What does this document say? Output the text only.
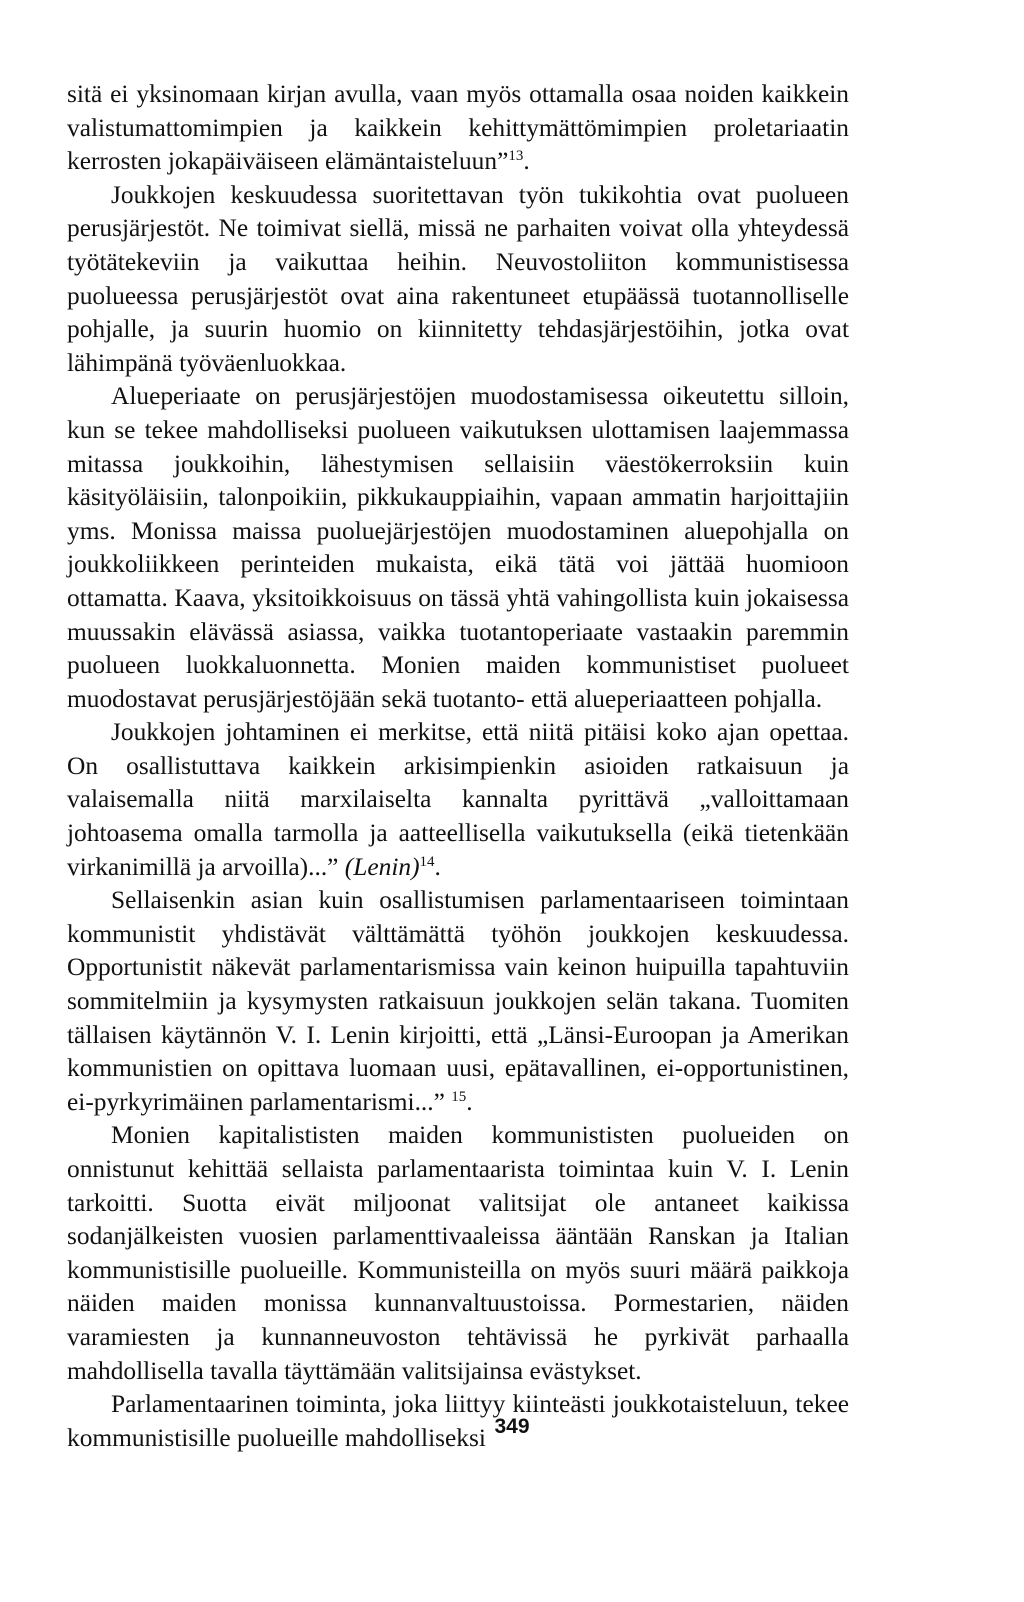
sitä ei yksinomaan kirjan avulla, vaan myös ottamalla osaa noiden kaikkein valistumattomimpien ja kaikkein kehittymättömimpien proletariaatin kerrosten jokapäiväiseen elämäntaisteluun”$^{13}$.

Joukkojen keskuudessa suoritettavan työn tukikohtia ovat puolueen perusjärjestöt. Ne toimivat siellä, missä ne parhaiten voivat olla yhteydessä työtätekeviin ja vaikuttaa heihin. Neuvostoliiton kommunistisessa puolueessa perusjärjestöt ovat aina rakentuneet etupäässä tuotannolliselle pohjalle, ja suurin huomio on kiinnitetty tehdasjärjestöihin, jotka ovat lähimpänä työväenluokkaa.

Alueperiaate on perusjärjestöjen muodostamisessa oikeutettu silloin, kun se tekee mahdolliseksi puolueen vaikutuksen ulottamisen laajemmassa mitassa joukkoihin, lähestymisen sellaisiin väestökerroksiin kuin käsityöläisiin, talonpoikiin, pikkukauppiaihin, vapaan ammatin harjoittajiin yms. Monissa maissa puoluejärjestöjen muodostaminen aluepohjalla on joukkoliikkeen perinteiden mukaista, eikä tätä voi jättää huomioon ottamatta. Kaava, yksitoikkoisuus on tässä yhtä vahingollista kuin jokaisessa muussakin elävässä asiassa, vaikka tuotantoperiaate vastaakin paremmin puolueen luokkaluonnetta. Monien maiden kommunistiset puolueet muodostavat perusjärjestöjään sekä tuotanto- että alueperiaatteen pohjalla.

Joukkojen johtaminen ei merkitse, että niitä pitäisi koko ajan opettaa. On osallistuttava kaikkein arkisimpienkin asioiden ratkaisuun ja valaisemalla niitä marxilaiselta kannalta pyrittävä „valloittamaan johtoasema omalla tarmolla ja aatteellisella vaikutuksella (eikä tietenkään virkanimillä ja arvoilla)...” (Lenin)$^{14}$.

Sellaisenkin asian kuin osallistumisen parlamentaariseen toimintaan kommunistit yhdistävät välttämättä työhön joukkojen keskuudessa. Opportunistit näkevät parlamentarismissa vain keinon huipuilla tapahtuviin sommitelmiin ja kysymysten ratkaisuun joukkojen selän takana. Tuomiten tällaisen käytännön V. I. Lenin kirjoitti, että „Länsi-Euroopan ja Amerikan kommunistien on opittava luomaan uusi, epätavallinen, ei-opportunistinen, ei-pyrkyrimäinen parlamentarismi...” $^{15}$.

Monien kapitalististen maiden kommunististen puolueiden on onnistunut kehittää sellaista parlamentaarista toimintaa kuin V. I. Lenin tarkoitti. Suotta eivät miljoonat valitsijat ole antaneet kaikissa sodanjälkeisten vuosien parlamenttivaaleissa ääntään Ranskan ja Italian kommunistisille puolueille. Kommunisteilla on myös suuri määrä paikkoja näiden maiden monissa kunnanvaltuustoissa. Pormestarien, näiden varamiesten ja kunnanneuvoston tehtävissä he pyrkivät parhaalla mahdollisella tavalla täyttämään valitsijainsa evästykset.

Parlamentaarinen toiminta, joka liittyy kiinteästi joukkotaisteluun, tekee kommunistisille puolueille mahdolliseksi 349
